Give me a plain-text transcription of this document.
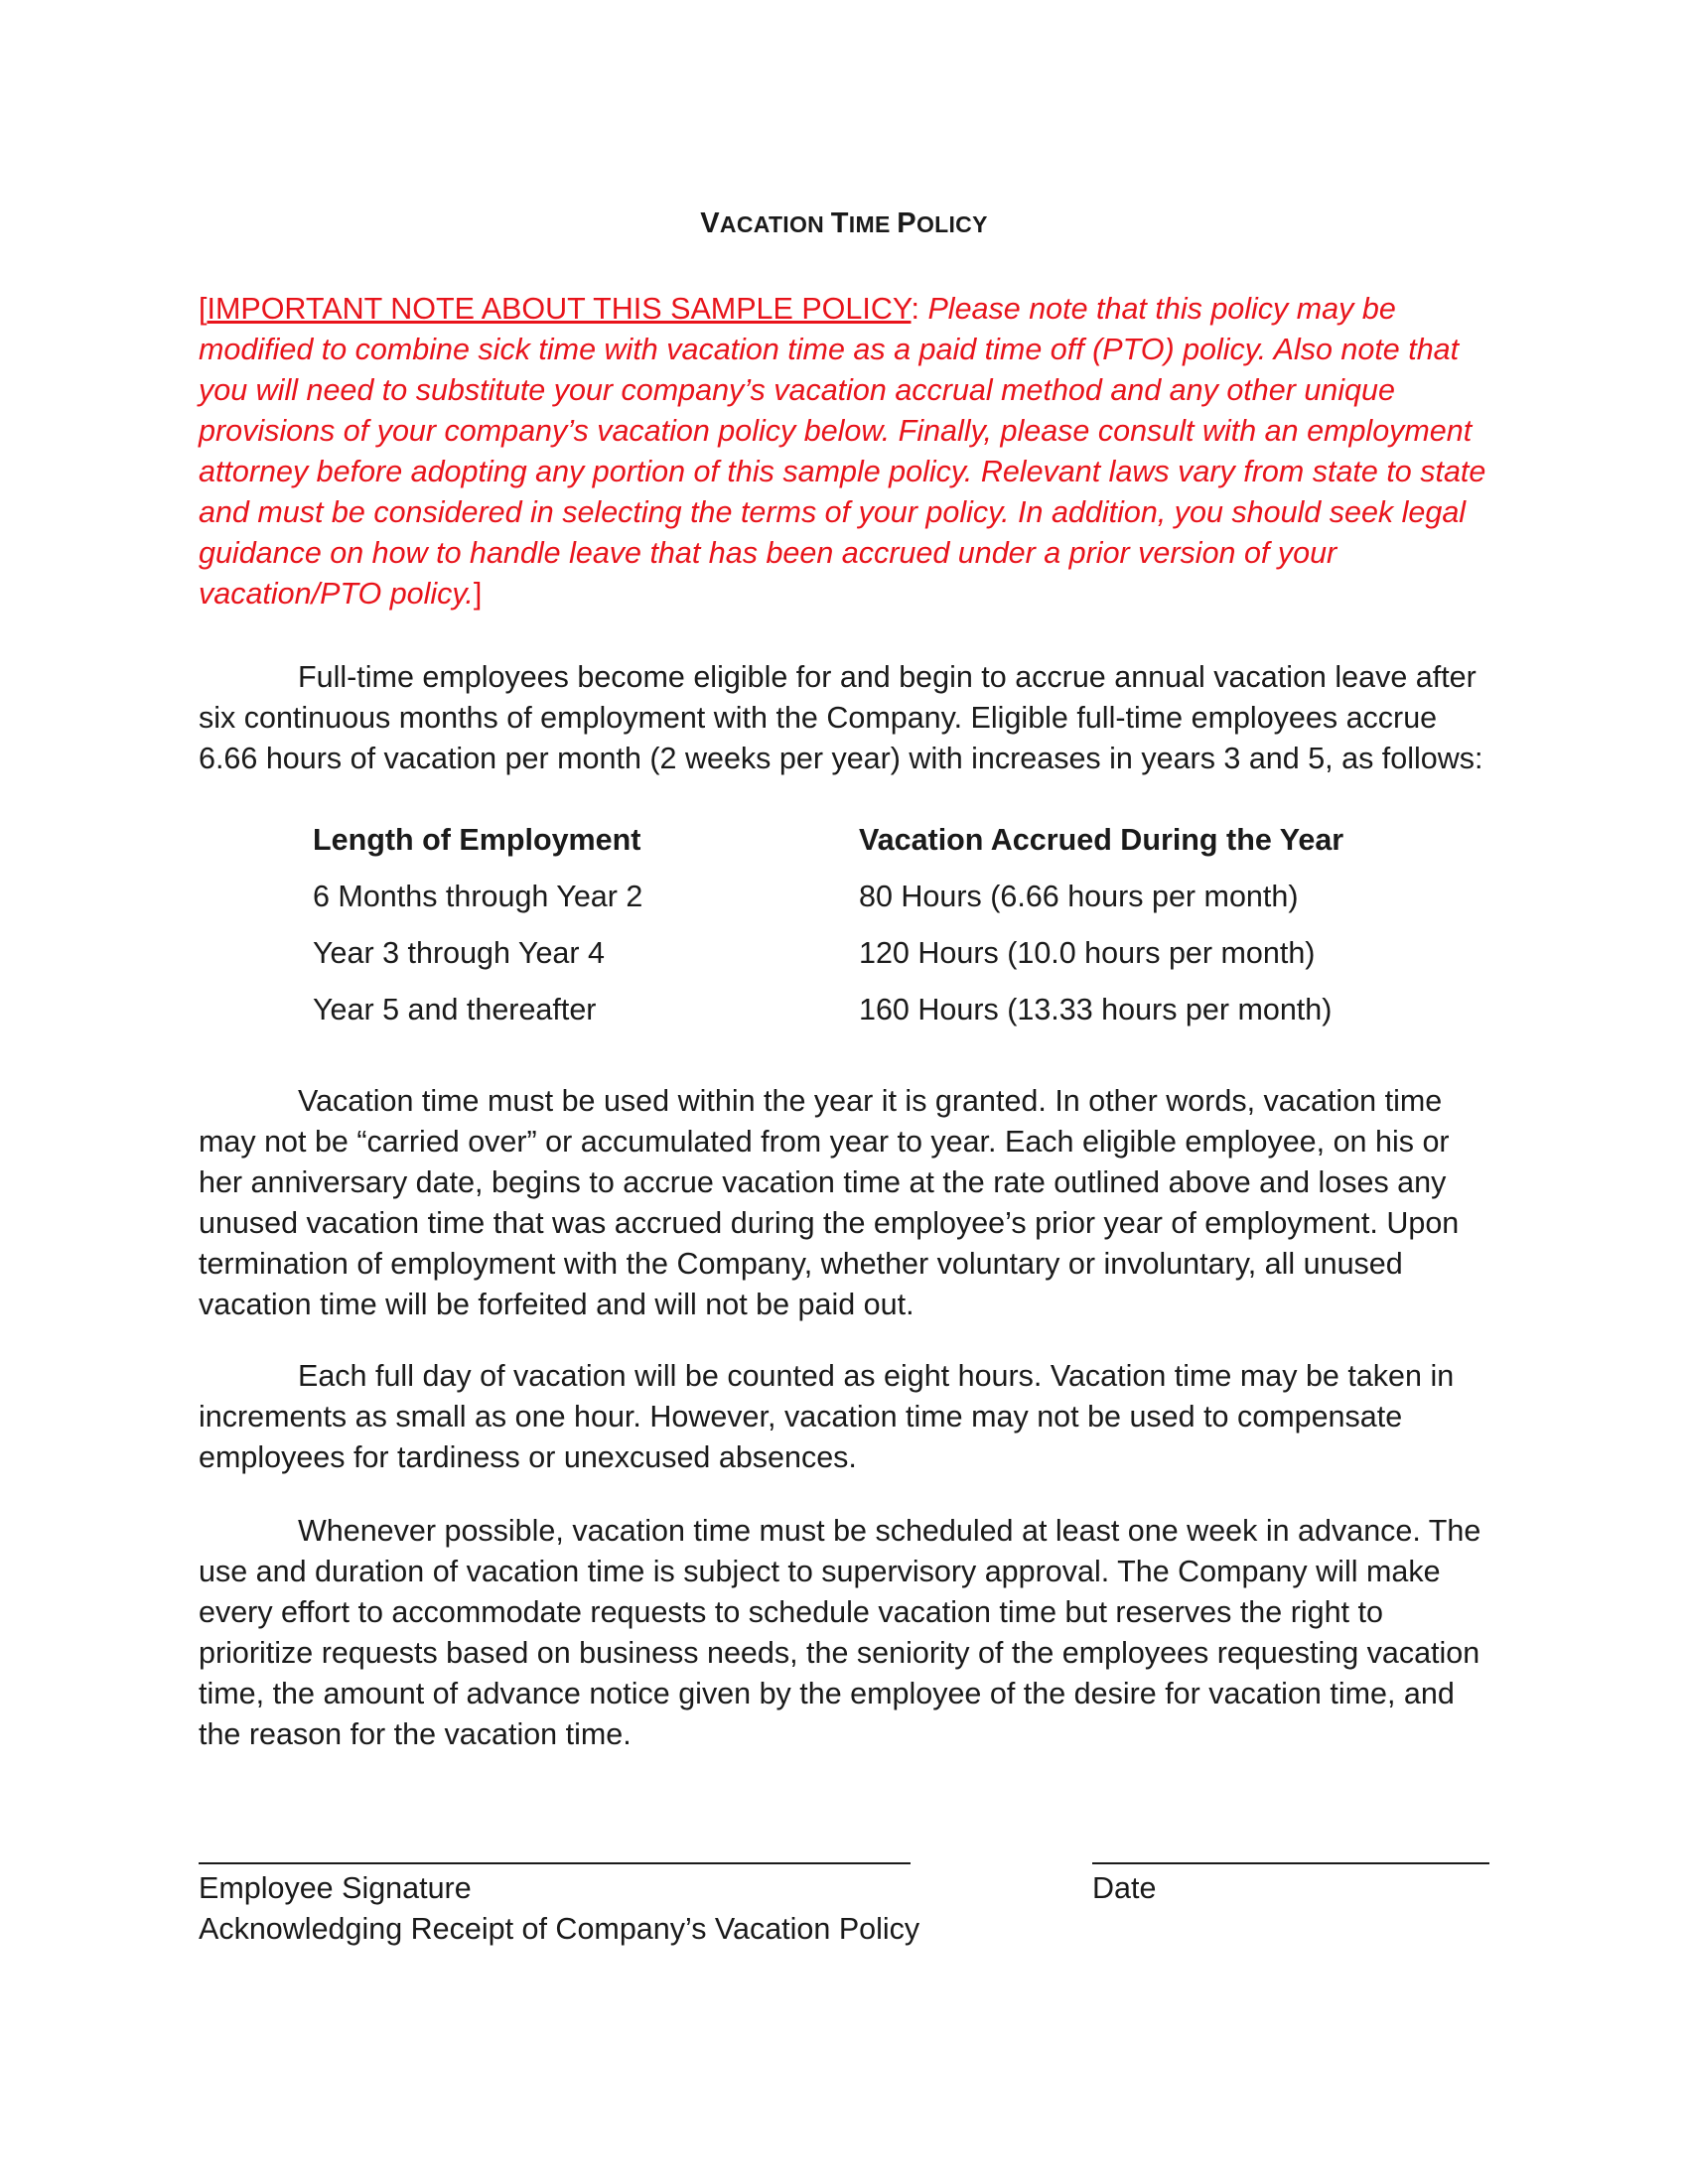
VACATION TIME POLICY
[IMPORTANT NOTE ABOUT THIS SAMPLE POLICY: Please note that this policy may be modified to combine sick time with vacation time as a paid time off (PTO) policy. Also note that you will need to substitute your company’s vacation accrual method and any other unique provisions of your company’s vacation policy below. Finally, please consult with an employment attorney before adopting any portion of this sample policy. Relevant laws vary from state to state and must be considered in selecting the terms of your policy. In addition, you should seek legal guidance on how to handle leave that has been accrued under a prior version of your vacation/PTO policy.]
Full-time employees become eligible for and begin to accrue annual vacation leave after six continuous months of employment with the Company. Eligible full-time employees accrue 6.66 hours of vacation per month (2 weeks per year) with increases in years 3 and 5, as follows:
Length of Employment	Vacation Accrued During the Year
6 Months through Year 2	80 Hours (6.66 hours per month)
Year 3 through Year 4	120 Hours (10.0 hours per month)
Year 5 and thereafter	160 Hours (13.33 hours per month)
Vacation time must be used within the year it is granted. In other words, vacation time may not be “carried over” or accumulated from year to year. Each eligible employee, on his or her anniversary date, begins to accrue vacation time at the rate outlined above and loses any unused vacation time that was accrued during the employee’s prior year of employment. Upon termination of employment with the Company, whether voluntary or involuntary, all unused vacation time will be forfeited and will not be paid out.
Each full day of vacation will be counted as eight hours. Vacation time may be taken in increments as small as one hour. However, vacation time may not be used to compensate employees for tardiness or unexcused absences.
Whenever possible, vacation time must be scheduled at least one week in advance. The use and duration of vacation time is subject to supervisory approval. The Company will make every effort to accommodate requests to schedule vacation time but reserves the right to prioritize requests based on business needs, the seniority of the employees requesting vacation time, the amount of advance notice given by the employee of the desire for vacation time, and the reason for the vacation time.
Employee Signature
Acknowledging Receipt of Company’s Vacation Policy
Date
